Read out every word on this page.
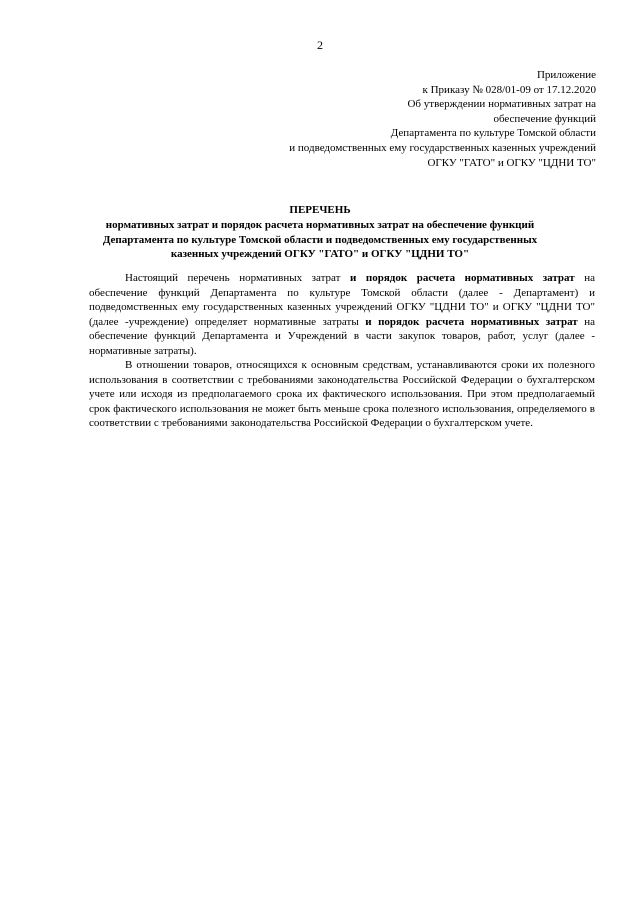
2
Приложение
к Приказу № 028/01-09 от 17.12.2020
Об утверждении нормативных затрат на
обеспечение функций
Департамента по культуре Томской области
и подведомственных ему государственных казенных учреждений
ОГКУ "ГАТО" и ОГКУ "ЦДНИ ТО"
ПЕРЕЧЕНЬ
нормативных затрат и порядок расчета нормативных затрат на обеспечение функций
Департамента по культуре Томской области и подведомственных ему государственных
казенных учреждений ОГКУ "ГАТО" и ОГКУ "ЦДНИ ТО"

Настоящий перечень нормативных затрат и порядок расчета нормативных затрат на обеспечение функций Департамента по культуре Томской области (далее - Департамент) и подведомственных ему государственных казенных учреждений ОГКУ "ЦДНИ ТО" и ОГКУ "ЦДНИ ТО" (далее -учреждение) определяет нормативные затраты и порядок расчета нормативных затрат на обеспечение функций Департамента и Учреждений в части закупок товаров, работ, услуг (далее - нормативные затраты).

В отношении товаров, относящихся к основным средствам, устанавливаются сроки их полезного использования в соответствии с требованиями законодательства Российской Федерации о бухгалтерском учете или исходя из предполагаемого срока их фактического использования. При этом предполагаемый срок фактического использования не может быть меньше срока полезного использования, определяемого в соответствии с требованиями законодательства Российской Федерации о бухгалтерском учете.
